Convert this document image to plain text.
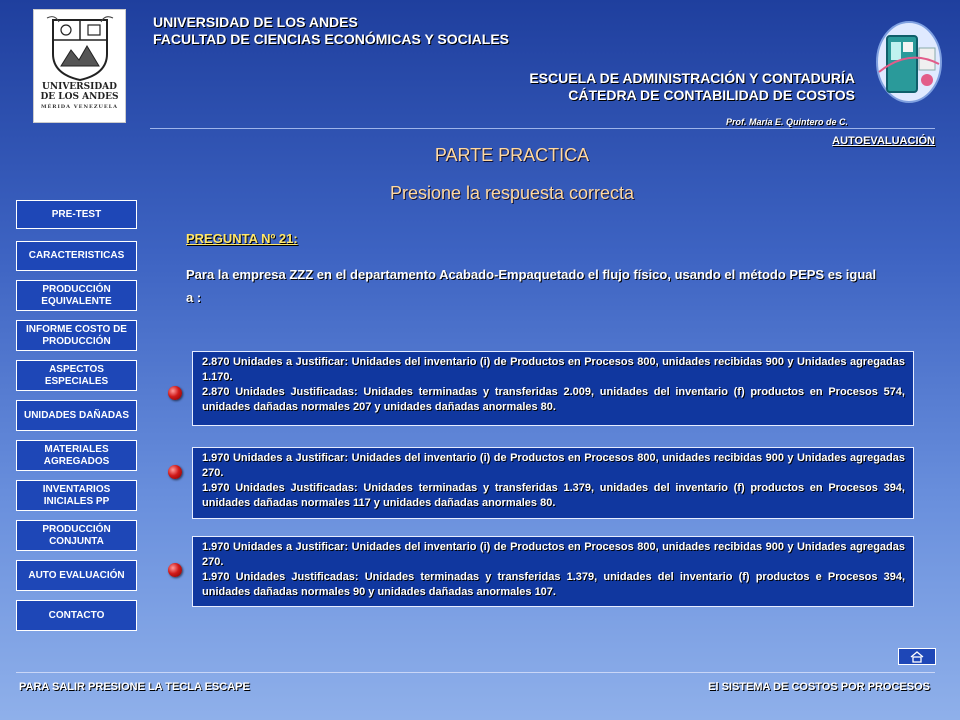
UNIVERSIDAD
DE LOS ANDES
MÉRIDA VENEZUELA
UNIVERSIDAD DE LOS ANDES
FACULTAD DE CIENCIAS ECONÓMICAS Y SOCIALES
ESCUELA DE ADMINISTRACIÓN Y CONTADURÍA
CÁTEDRA DE CONTABILIDAD DE COSTOS
Prof. María E. Quintero de C.
AUTOEVALUACIÓN
PARTE PRACTICA
Presione la respuesta correcta
PRE-TEST
CARACTERISTICAS
PRODUCCIÓN EQUIVALENTE
INFORME COSTO DE PRODUCCIÓN
ASPECTOS ESPECIALES
UNIDADES DAÑADAS
MATERIALES AGREGADOS
INVENTARIOS INICIALES PP
PRODUCCIÓN CONJUNTA
AUTO EVALUACIÓN
CONTACTO
PREGUNTA Nº 21:
Para la empresa ZZZ en el departamento Acabado-Empaquetado el flujo físico, usando el método PEPS es igual a :
2.870 Unidades a Justificar: Unidades del inventario (i) de Productos en Procesos 800, unidades recibidas 900 y Unidades agregadas 1.170.
2.870 Unidades Justificadas: Unidades terminadas y transferidas 2.009, unidades del inventario (f) productos en Procesos 574, unidades dañadas normales 207 y unidades dañadas anormales 80.
1.970 Unidades a Justificar: Unidades del inventario (i) de Productos en Procesos 800, unidades recibidas 900 y Unidades agregadas 270.
1.970 Unidades Justificadas: Unidades terminadas y transferidas 1.379, unidades del inventario (f) productos en Procesos 394, unidades dañadas normales 117 y unidades dañadas anormales 80.
1.970 Unidades a Justificar: Unidades del inventario (i) de Productos en Procesos 800, unidades recibidas 900 y Unidades agregadas 270.
1.970 Unidades Justificadas: Unidades terminadas y transferidas 1.379, unidades del inventario (f) productos e Procesos 394, unidades dañadas normales 90 y unidades dañadas anormales 107.
PARA SALIR PRESIONE LA TECLA ESCAPE	El SISTEMA DE COSTOS POR PROCESOS
